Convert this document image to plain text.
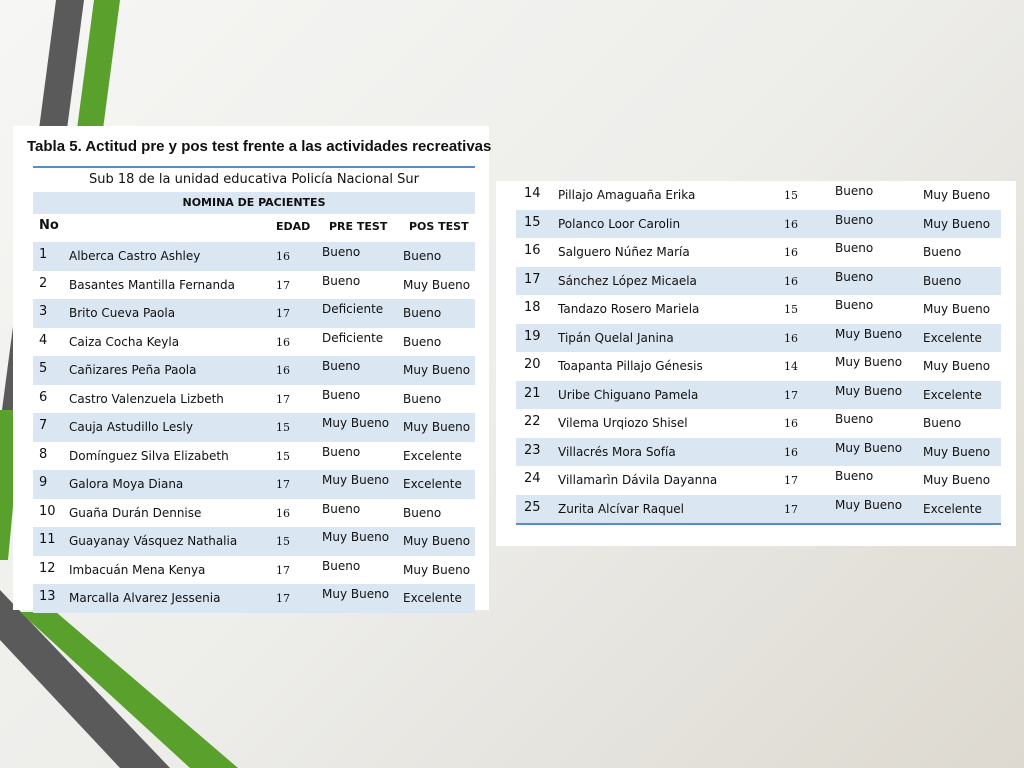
Tabla 5. Actitud pre y pos test frente a las actividades recreativas
Sub 18 de la unidad educativa Policía Nacional Sur
NOMINA DE PACIENTES
No	EDAD PRE TEST POS TEST
1 Alberca Castro Ashley	16	Bueno	Bueno
2 Basantes Mantilla Fernanda	17	Bueno	Muy Bueno
3 Brito Cueva Paola	17	Deficiente Bueno
4 Caiza Cocha Keyla	16	Deficiente Bueno
5 Cañizares Peña Paola	16	Bueno	Muy Bueno
6 Castro Valenzuela Lizbeth	17	Bueno	Bueno
7 Cauja Astudillo Lesly	15	Muy Bueno Muy Bueno
8 Domínguez Silva Elizabeth	15	Bueno	Excelente
9 Galora Moya Diana	17	Muy Bueno Excelente
10 Guaña Durán Dennise	16	Bueno	Bueno
11 Guayanay Vásquez Nathalia	15	Muy Bueno Muy Bueno
12 Imbacuán Mena Kenya	17	Bueno	Muy Bueno
13 Marcalla Alvarez Jessenia	17	Muy Bueno Excelente
14 Pillajo Amaguaña Erika	15	Bueno	Muy Bueno
15 Polanco Loor Carolin	16	Bueno	Muy Bueno
16 Salguero Núñez María	16	Bueno	Bueno
17 Sánchez López Micaela	16	Bueno	Bueno
18 Tandazo Rosero Mariela	15	Bueno	Muy Bueno
19 Tipán Quelal Janina	16	Muy Bueno Excelente
20 Toapanta Pillajo Génesis	14	Muy Bueno Muy Bueno
21 Uribe Chiguano Pamela	17	Muy Bueno Excelente
22 Vilema Urqiozo Shisel	16	Bueno	Bueno
23 Villacrés Mora Sofía	16	Muy Bueno Muy Bueno
24 Villamarìn Dávila Dayanna	17	Bueno	Muy Bueno
25 Zurita Alcívar Raquel	17	Muy Bueno Excelente
